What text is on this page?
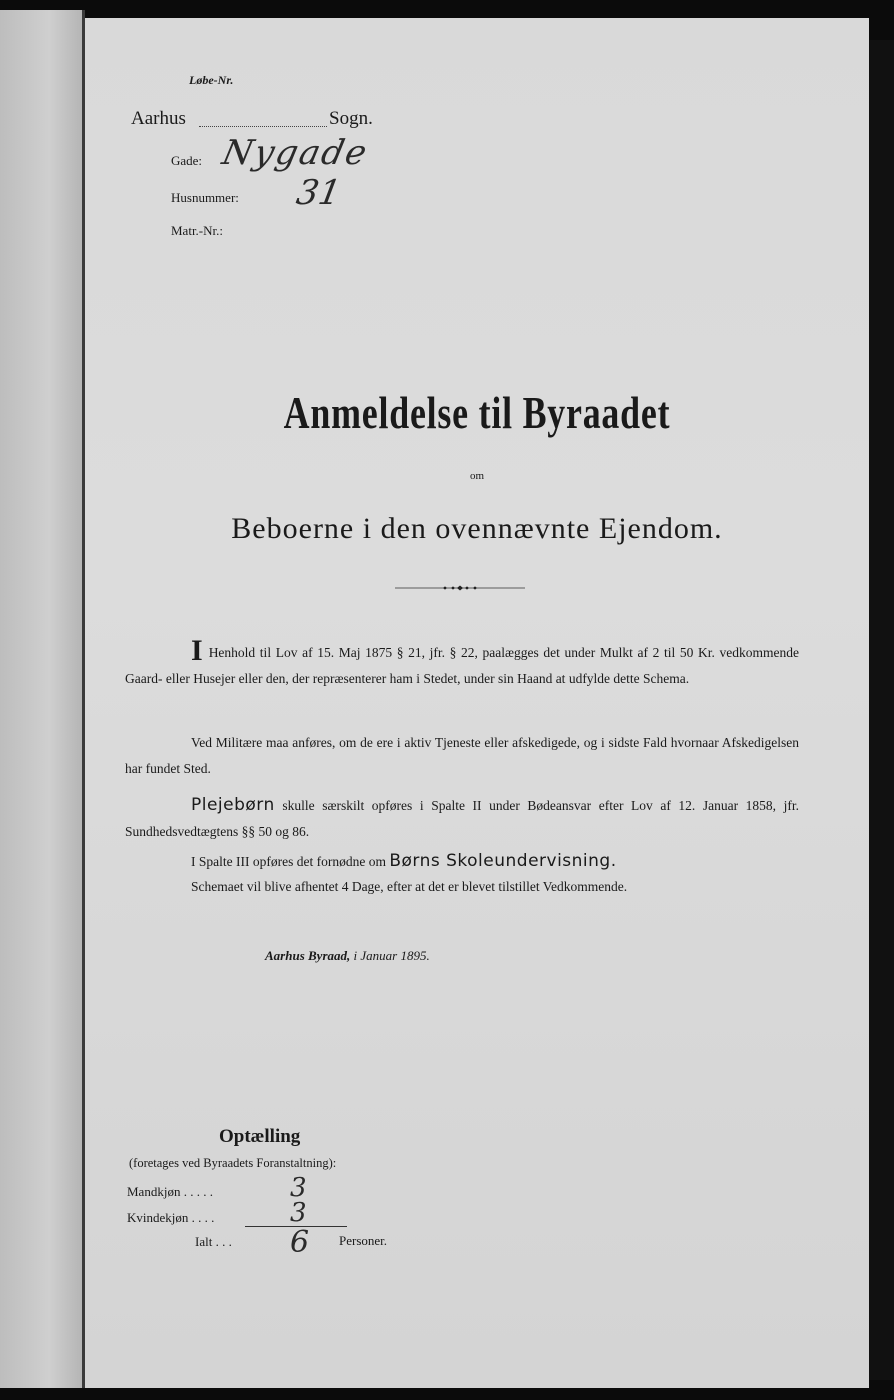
Løbe-Nr.
Aarhus	Sogn.
Gade: Nygade
Husnummer: 31
Matr.-Nr.:
Anmeldelse til Byraadet
om
Beboerne i den ovennævnte Ejendom.
I Henhold til Lov af 15. Maj 1875 § 21, jfr. § 22, paalægges det under Mulkt af 2 til 50 Kr. vedkommende Gaard- eller Husejer eller den, der repræsenterer ham i Stedet, under sin Haand at udfylde dette Schema.
Ved Militære maa anføres, om de ere i aktiv Tjeneste eller afskedigede, og i sidste Fald hvornaar Afskedigelsen har fundet Sted.
Plejebørn skulle særskilt opføres i Spalte II under Bødeansvar efter Lov af 12. Januar 1858, jfr. Sundhedsvedtægtens §§ 50 og 86.
I Spalte III opføres det fornødne om Børns Skoleundervisning.
Schemaet vil blive afhentet 4 Dage, efter at det er blevet tilstillet Vedkommende.
Aarhus Byraad, i Januar 1895.
Optælling
(foretages ved Byraadets Foranstaltning):
Mandkjøn . . . . .	3
Kvindekjøn . . . .	3
Ialt . . . 6 Personer.
